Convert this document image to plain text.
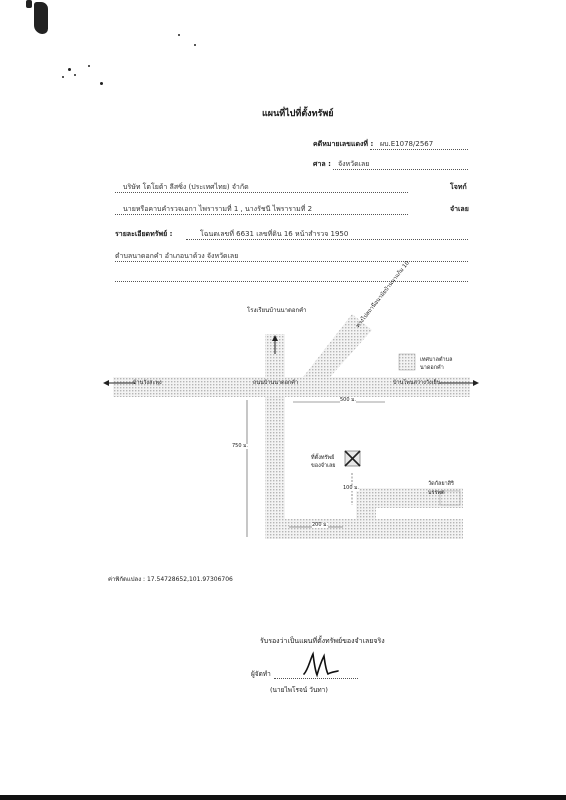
แผนที่ไปที่ตั้งทรัพย์
คดีหมายเลขแดงที่ : ผบ.E1078/2567
ศาล : จังหวัดเลย
บริษัท โตโยต้า ลีสซิ่ง (ประเทศไทย) จำกัด	โจทก์
นายหรือคาบคำรวจเอกา ไพรารามที่ 1 , นางรัชนี ไพรารามที่ 2	จำเลย
รายละเอียดทรัพย์ :	โฉนดเลขที่ 6631 เลขที่ดิน 16 หน้าสำรวจ 1950
ตำบลนาดอกคำ อำเภอนาด้วง จังหวัดเลย
โรงเรียนบ้านนาดอกคำ	ทางไปสถานีอนามัยบ้านนาแก้ม 10
เทศบาลตำบลนาดอกคำ
บ้านวังสะพุง	ถนนบ้านนาดอกคำ	บ้านโพนสว่างวังเย็น
500 ม.
750 ม.
ที่ตั้งทรัพย์ของจำเลย
100 ม.
วัดกัลยาสิริบรรพต
200 ม.
ค่าพิกัดแปลง : 17.54728652,101.97306706
รับรองว่าเป็นแผนที่ตั้งทรัพย์ของจำเลยจริง
ผู้จัดทำ
(นายไพโรจน์ วันทา)
